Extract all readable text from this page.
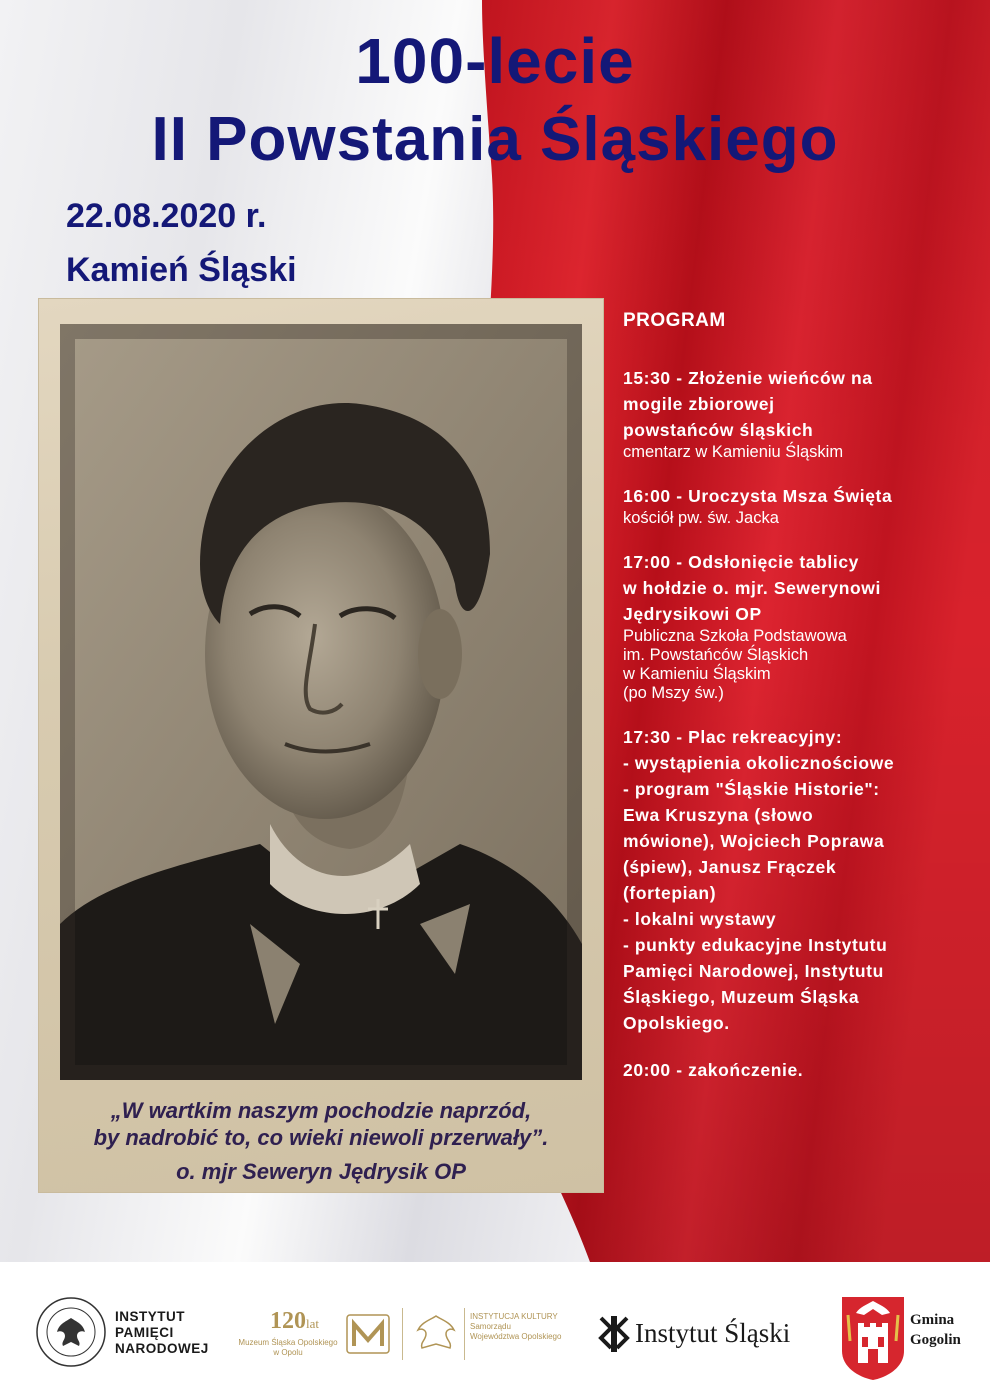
100-lecie
II Powstania Śląskiego

22.08.2020 r.

Kamień Śląski

„W wartkim naszym pochodzie naprzód,

by nadrobić to, co wieki niewoli przerwały”.

o. mjr Seweryn Jędrysik OP

PROGRAM

15:30 - Złożenie wieńców na
mogile zbiorowej
powstańców śląskich
cmentarz w Kamieniu Śląskim
16:00 - Uroczysta Msza Święta
kościół pw. św. Jacka
17:00 - Odsłonięcie tablicy
w hołdzie o. mjr. Sewerynowi
Jędrysikowi OP
Publiczna Szkoła Podstawowa
im. Powstańców Śląskich
w Kamieniu Śląskim
(po Mszy św.)
17:30 - Plac rekreacyjny:
- wystąpienia okolicznościowe
- program "Śląskie Historie":
Ewa Kruszyna (słowo
mówione), Wojciech Poprawa
(śpiew), Janusz Frączek
(fortepian)
- lokalni wystawy
- punkty edukacyjne Instytutu
Pamięci Narodowej, Instytutu
Śląskiego, Muzeum Śląska
Opolskiego.
20:00 - zakończenie.
INSTYTUT
PAMIĘCI
NARODOWEJ
120lat
Muzeum Śląska Opolskiego
w Opolu
INSTYTUCJA KULTURY
Samorządu
Województwa Opolskiego	Instytut Śląski	Gmina
Gogolin
